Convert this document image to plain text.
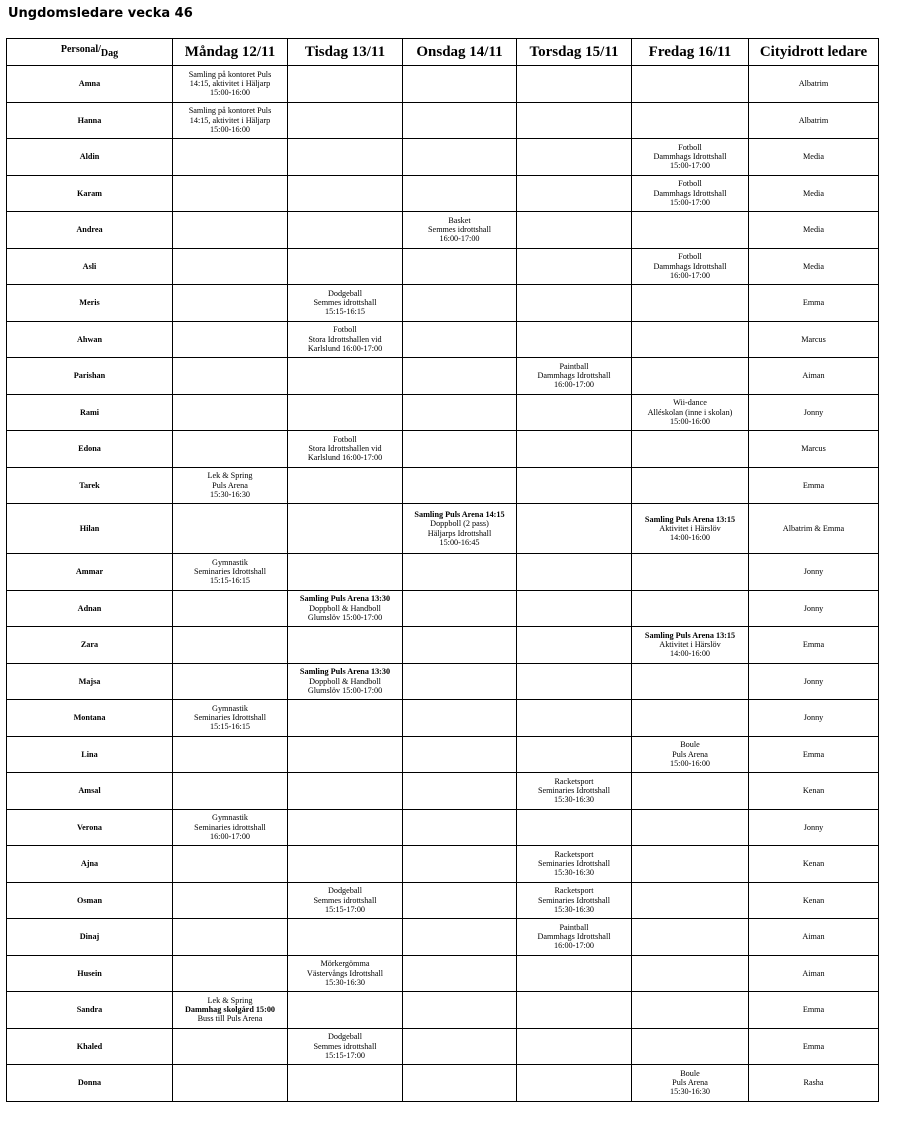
Ungdomsledare vecka 46
Personal/Dag	Måndag 12/11	Tisdag 13/11	Onsdag 14/11	Torsdag 15/11	Fredag 16/11	Cityidrott ledare
Amna	Samling på kontoret Puls
14:15, aktivitet i Häljarp
15:00-16:00					Albatrim
Hanna	Samling på kontoret Puls
14:15, aktivitet i Häljarp
15:00-16:00					Albatrim
Aldin					Fotboll
Dammhags Idrottshall
15:00-17:00	Media
Karam					Fotboll
Dammhags Idrottshall
15:00-17:00	Media
Andrea			Basket
Semmes idrottshall
16:00-17:00			Media
Asli					Fotboll
Dammhags Idrottshall
16:00-17:00	Media
Meris		Dodgeball
Semmes idrottshall
15:15-16:15				Emma
Ahwan		Fotboll
Stora Idrottshallen vid
Karlslund 16:00-17:00				Marcus
Parishan				Paintball
Dammhags Idrottshall
16:00-17:00		Aiman
Rami					Wii-dance
Alléskolan (inne i skolan)
15:00-16:00	Jonny
Edona		Fotboll
Stora Idrottshallen vid
Karlslund 16:00-17:00				Marcus
Tarek	Lek & Spring
Puls Arena
15:30-16:30					Emma
Hilan			Samling Puls Arena 14:15
Doppboll (2 pass)
Häljarps Idrottshall
15:00-16:45		Samling Puls Arena 13:15
Aktivitet i Härslöv
14:00-16:00	Albatrim & Emma
Ammar	Gymnastik
Seminaries Idrottshall
15:15-16:15					Jonny
Adnan		Samling Puls Arena 13:30
Doppboll & Handboll
Glumslöv 15:00-17:00				Jonny
Zara					Samling Puls Arena 13:15
Aktivitet i Härslöv
14:00-16:00	Emma
Majsa		Samling Puls Arena 13:30
Doppboll & Handboll
Glumslöv 15:00-17:00				Jonny
Montana	Gymnastik
Seminaries Idrottshall
15:15-16:15					Jonny
Lina					Boule
Puls Arena
15:00-16:00	Emma
Amsal				Racketsport
Seminaries Idrottshall
15:30-16:30		Kenan
Verona	Gymnastik
Seminaries idrottshall
16:00-17:00					Jonny
Ajna				Racketsport
Seminaries Idrottshall
15:30-16:30		Kenan
Osman		Dodgeball
Semmes idrottshall
15:15-17:00		Racketsport
Seminaries Idrottshall
15:30-16:30		Kenan
Dinaj				Paintball
Dammhags Idrottshall
16:00-17:00		Aiman
Husein		Mörkergömma
Västervångs Idrottshall
15:30-16:30				Aiman
Sandra	Lek & Spring
Dammhag skolgård 15:00
Buss till Puls Arena					Emma
Khaled		Dodgeball
Semmes idrottshall
15:15-17:00				Emma
Donna					Boule
Puls Arena
15:30-16:30	Rasha
